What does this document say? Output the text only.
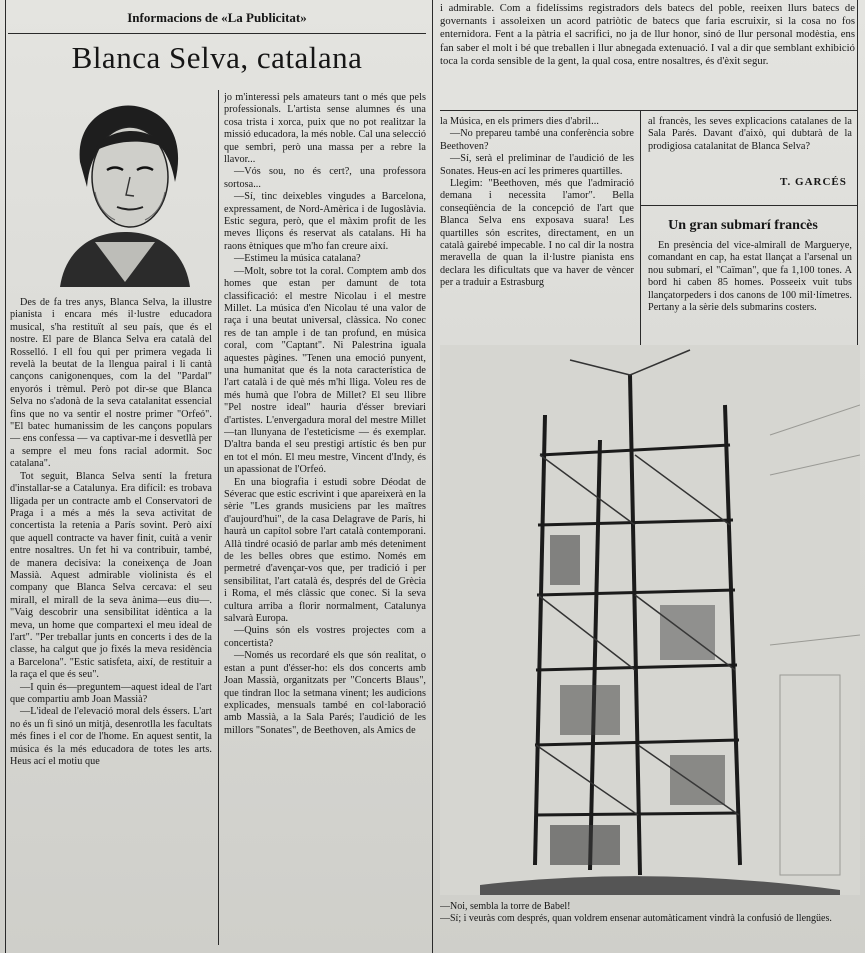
Informacions de «La Publicitat»
Blanca Selva, catalana

Des de fa tres anys, Blanca Selva, la illustre pianista i encara més il·lustre educadora musical, s'ha restituït al seu país, que és el nostre. El pare de Blanca Selva era català del Rosselló. I ell fou qui per primera vegada li revelà la beutat de la llengua pairal i li cantà cançons canigonenques, com la del "Pardal" enyorós i trèmul. Però pot dir-se que Blanca Selva no s'adonà de la seva catalanitat essencial fins que no va sentir el nostre primer "Orfeó". "El batec humanissim de les cançons populars — ens confessa — va captivar-me i desvetllà per a sempre el meu fons racial adormit. Soc catalana".

Tot seguit, Blanca Selva sentí la fretura d'installar-se a Catalunya. Era difícil: es trobava lligada per un contracte amb el Conservatori de Praga i a més a més la seva activitat de concertista la retenia a París sovint. Però així que aquell contracte va haver finit, cuità a venir entre nosaltres. Un fet hi va contribuir, també, de manera decisiva: la coneixença de Joan Massià. Aquest admirable violinista és el company que Blanca Selva cercava: el seu mirall, el mirall de la seva ànima—eus diu—. "Vaig descobrir una sensibilitat idèntica a la meva, un home que compartexi el meu ideal de l'art". "Per treballar junts en concerts i des de la classe, ha calgut que jo fixés la meva residència a Barcelona". "Estic satisfeta, així, de restituir a la raça el que és seu".

—I quin és—preguntem—aquest ideal de l'art que compartiu amb Joan Massià?

—L'ideal de l'elevació moral dels éssers. L'art no és un fi sinó un mitjà, desenrotlla les facultats més fines i el cor de l'home. En aquest sentit, la música és la més educadora de totes les arts. Heus ací el motiu que

jo m'interessi pels amateurs tant o més que pels professionals. L'artista sense alumnes és una cosa trista i xorca, puix que no pot realitzar la missió educadora, la més noble. Cal una selecció que sembri, però una massa per a rebre la llavor...

—Vós sou, no és cert?, una professora sortosa...

—Sí, tinc deixebles vingudes a Barcelona, expressament, de Nord-Amèrica i de Iugoslàvia. Estic segura, però, que el màxim profit de les meves lliçons és reservat als catalans. Hi ha raons ètniques que m'ho fan creure així.

—Estimeu la música catalana?

—Molt, sobre tot la coral. Comptem amb dos homes que estan per damunt de tota classificació: el mestre Nicolau i el mestre Millet. La música d'en Nicolau té una valor de raça i una beutat universal, clàssica. No conec res de tan ample i de tan profund, en música coral, com "Captant". Ni Palestrina iguala aquestes pàgines. "Tenen una emoció punyent, una humanitat que és la nota característica de l'art català i de què més m'hi lliga. Voleu res de més humà que l'obra de Millet? El seu llibre "Pel nostre ideal" hauria d'ésser breviari d'artistes. L'envergadura moral del mestre Millet—tan llunyana de l'esteticisme — és exemplar. D'altra banda el seu prestigi artístic és ben pur en tot el món. El meu mestre, Vincent d'Indy, és un apassionat de l'Orfeó.

En una biografia i estudi sobre Déodat de Séverac que estic escrivint i que apareixerà en la sèrie "Les grands musiciens par les maîtres d'aujourd'hui", de la casa Delagrave de París, hi haurà un capítol sobre l'art català contemporani. Allà tindré ocasió de parlar amb més deteniment de les belles obres que estimo. Només em permetré d'avençar-vos que, per tradició i per sensibilitat, l'art català és, després del de Grècia i Roma, el més clàssic que conec. Si la seva cultura arriba a florir normalment, Catalunya salvarà Europa.

—Quins són els vostres projectes com a concertista?

—Només us recordaré els que són realitat, o estan a punt d'ésser-ho: els dos concerts amb Joan Massià, organitzats per "Concerts Blaus", que tindran lloc la setmana vinent; les audicions explicades, mensuals també en col·laboració amb Massià, a la Sala Parés; l'audició de les millors "Sonates", de Beethoven, als Amics de

i admirable. Com a fidelíssims registradors dels batecs del poble, reeixen llurs batecs de governants i assoleixen un acord patriòtic de batecs que faria escruixir, si la cosa no fos enternidora. Fent a la pàtria el sacrifici, no ja de llur honor, sinó de llur personal modèstia, ens fan saber el molt i bé que treballen i llur abnegada extenuació. I val a dir que semblant exhibició toca la corda sensible de la gent, la qual cosa, entre nosaltres, és d'èxit segur.

la Música, en els primers dies d'abril...

—No prepareu també una conferència sobre Beethoven?

—Sí, serà el preliminar de l'audició de les Sonates. Heus-en ací les primeres quartilles.

Llegim: "Beethoven, més que l'admiració demana i necessita l'amor". Bella conseqüència de la concepció de l'art que Blanca Selva ens exposava suara! Les quartilles són escrites, directament, en un català gairebé impecable. I no cal dir la nostra meravella de quan la il·lustre pianista ens declara les dificultats que va haver de vèncer per a traduir a Estrasburg

al francès, les seves explicacions catalanes de la Sala Parés. Davant d'això, qui dubtarà de la prodigiosa catalanitat de Blanca Selva?

T. GARCÉS
Un gran submarí francès

En presència del vice-almirall de Marguerye, comandant en cap, ha estat llançat a l'arsenal un nou submarí, el "Caïman", que fa 1,100 tones. A bord hi caben 85 homes. Posseeix vuit tubs llançatorpeders i dos canons de 100 mil·límetres. Pertany a la sèrie dels submarins costers.

—Noi, sembla la torre de Babel!
—Sí; i veuràs com després, quan voldrem ensenar automàticament vindrà la confusió de llengües.
